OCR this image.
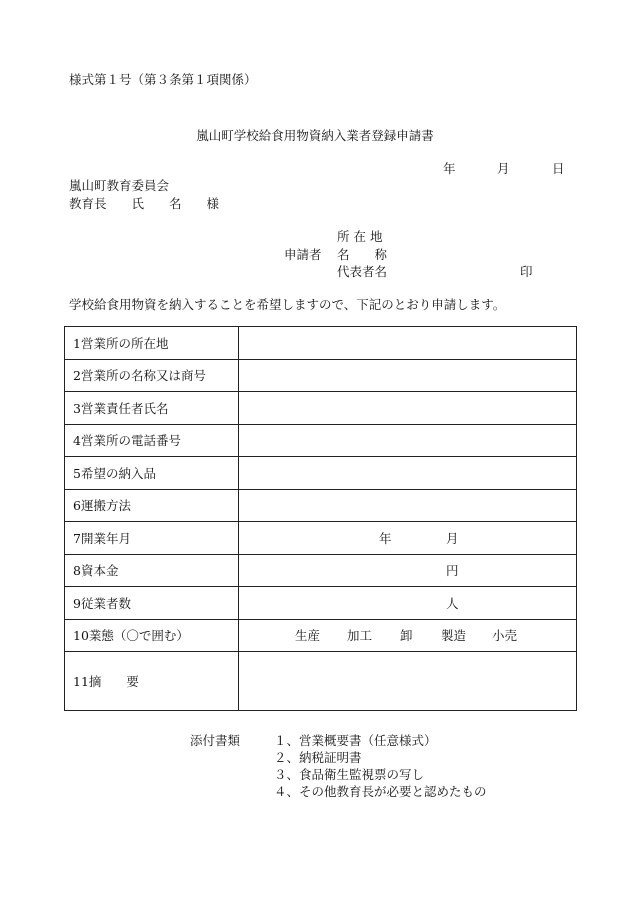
様式第１号（第３条第１項関係）
嵐山町学校給食用物資納入業者登録申請書
年	月	日
嵐山町教育委員会
教育長　　氏　　名　　様
申請者
所 在 地
名　　称
代表者名	印
学校給食用物資を納入することを希望しますので、下記のとおり申請します。
1営業所の所在地	
2営業所の名称又は商号	
3営業責任者氏名	
4営業所の電話番号	
5希望の納入品	
6運搬方法	
7開業年月	年 月

8資本金	円

9従業者数	人

10業態（〇で囲む）	生産 加工 卸 製造 小売

11摘　　要	
添付書類	１、営業概要書（任意様式）
２、納税証明書
３、食品衛生監視票の写し
４、その他教育長が必要と認めたもの
